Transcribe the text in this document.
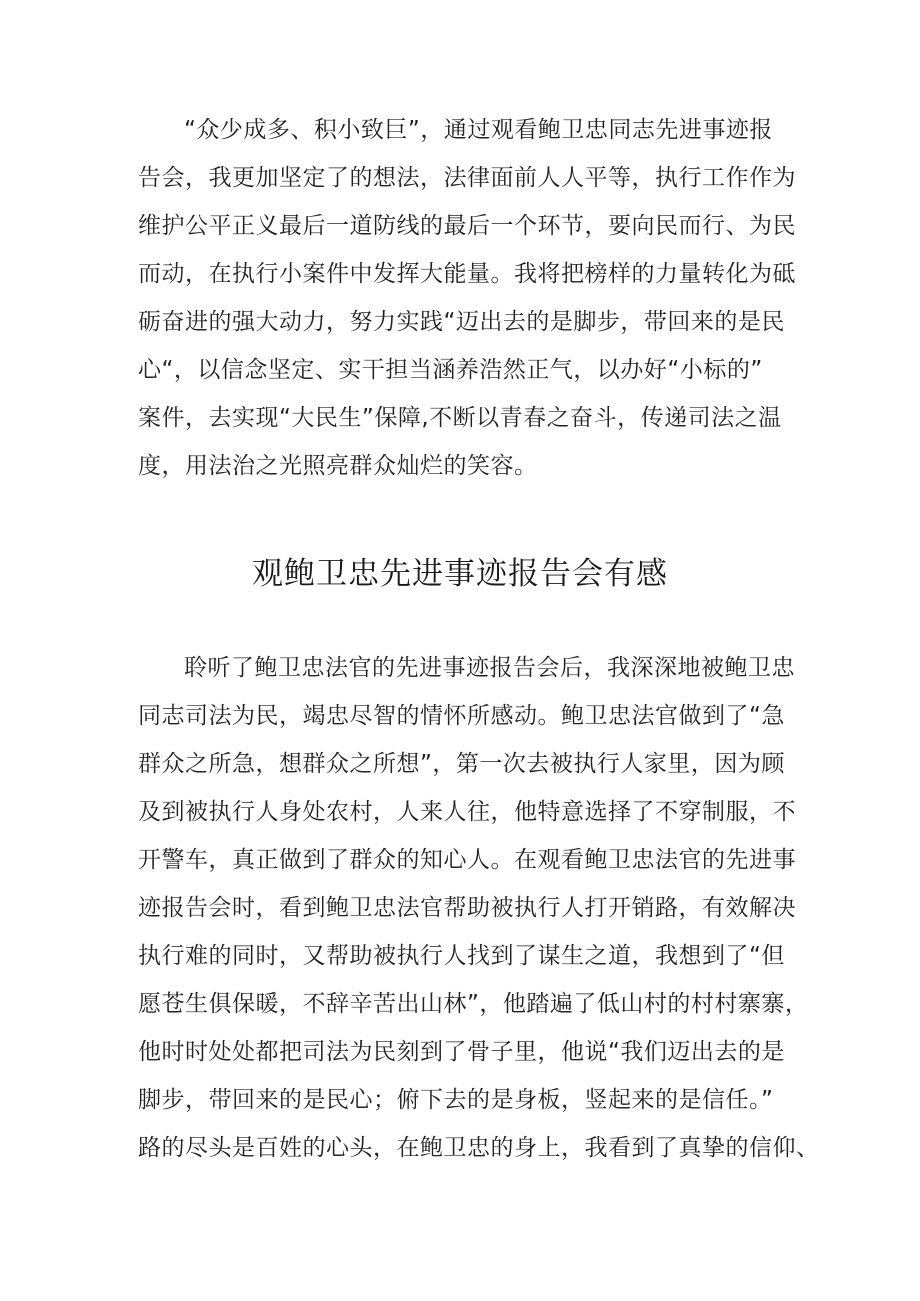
“众少成多、积小致巨”，通过观看鲍卫忠同志先进事迹报
告会，我更加坚定了的想法，法律面前人人平等，执行工作作为
维护公平正义最后一道防线的最后一个环节，要向民而行、为民
而动，在执行小案件中发挥大能量。我将把榜样的力量转化为砥
砺奋进的强大动力，努力实践“迈出去的是脚步，带回来的是民
心“，以信念坚定、实干担当涵养浩然正气，以办好“小标的”
案件，去实现“大民生”保障,不断以青春之奋斗，传递司法之温
度，用法治之光照亮群众灿烂的笑容。
观鲍卫忠先进事迹报告会有感
聆听了鲍卫忠法官的先进事迹报告会后，我深深地被鲍卫忠
同志司法为民，竭忠尽智的情怀所感动。鲍卫忠法官做到了“急
群众之所急，想群众之所想”，第一次去被执行人家里，因为顾
及到被执行人身处农村，人来人往，他特意选择了不穿制服，不
开警车，真正做到了群众的知心人。在观看鲍卫忠法官的先进事
迹报告会时，看到鲍卫忠法官帮助被执行人打开销路，有效解决
执行难的同时，又帮助被执行人找到了谋生之道，我想到了“但
愿苍生俱保暖，不辞辛苦出山林”，他踏遍了低山村的村村寨寨，
他时时处处都把司法为民刻到了骨子里，他说“我们迈出去的是
脚步，带回来的是民心；俯下去的是身板，竖起来的是信任。”
路的尽头是百姓的心头，在鲍卫忠的身上，我看到了真挚的信仰、
